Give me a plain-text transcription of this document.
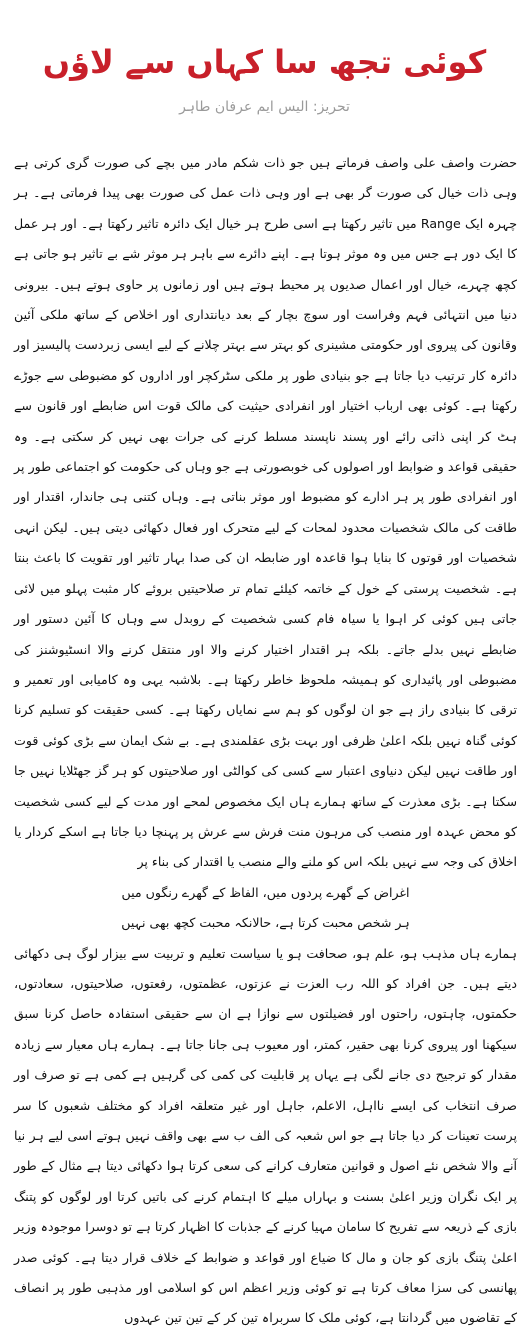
کوئی تجھ سا کہاں سے لاؤں
تحریز: الیس ایم عرفان طاہر

حضرت واصف علی واصف فرماتے ہیں جو ذات شکم مادر میں بچے کی صورت گری کرتی ہے وہی ذات خیال کی صورت گر بھی ہے اور وہی ذات عمل کی صورت بھی پیدا فرماتی ہے۔ ہر چہرہ ایک Range میں تاثیر رکھتا ہے اسی طرح ہر خیال ایک دائرہ تاثیر رکھتا ہے۔ اور ہر عمل کا ایک دور ہے جس میں وہ موثر ہوتا ہے۔ اپنے دائرے سے باہر ہر موثر شے بے تاثیر ہو جاتی ہے کچھ چہرے، خیال اور اعمال صدیوں پر محیط ہوتے ہیں اور زمانوں پر حاوی ہوتے ہیں۔ بیرونی دنیا میں انتہائی فہم وفراست اور سوچ بچار کے بعد دیانتداری اور اخلاص کے ساتھ ملکی آئین وقانون کی پیروی اور حکومتی مشینری کو بہتر سے بہتر چلانے کے لیے ایسی زبردست پالیسیز اور دائرہ کار ترتیب دیا جاتا ہے جو بنیادی طور پر ملکی سٹرکچر اور اداروں کو مضبوطی سے جوڑے رکھتا ہے۔ کوئی بھی ارباب اختیار اور انفرادی حیثیت کی مالک قوت اس ضابطے اور قانون سے ہٹ کر اپنی ذاتی رائے اور پسند ناپسند مسلط کرنے کی جرات بھی نہیں کر سکتی ہے۔ وہ حقیقی قواعد و ضوابط اور اصولوں کی خوبصورتی ہے جو وہاں کی حکومت کو اجتماعی طور پر اور انفرادی طور پر ہر ادارے کو مضبوط اور موثر بناتی ہے۔ وہاں کتنی ہی جاندار، اقتدار اور طاقت کی مالک شخصیات محدود لمحات کے لیے متحرک اور فعال دکھائی دیتی ہیں۔ لیکن انہی شخصیات اور قوتوں کا بنایا ہوا قاعدہ اور ضابطہ ان کی صدا بہار تاثیر اور تقویت کا باعث بنتا ہے۔ شخصیت پرستی کے خول کے خاتمہ کیلئے تمام تر صلاحیتیں بروئے کار مثبت پہلو میں لائی جاتی ہیں کوئی کر اہوا یا سیاہ فام کسی شخصیت کے روبدل سے وہاں کا آئین دستور اور ضابطے نہیں بدلے جاتے۔ بلکہ ہر اقتدار اختیار کرنے والا اور منتقل کرنے والا انسٹیوشنز کی مضبوطی اور پائیداری کو ہمیشہ ملحوظ خاطر رکھتا ہے۔ بلاشبہ یہی وہ کامیابی اور تعمیر و ترقی کا بنیادی راز ہے جو ان لوگوں کو ہم سے نمایاں رکھتا ہے۔ کسی حقیقت کو تسلیم کرنا کوئی گناہ نہیں بلکہ اعلیٰ ظرفی اور بہت بڑی عقلمندی ہے۔ بے شک ایمان سے بڑی کوئی قوت اور طاقت نہیں لیکن دنیاوی اعتبار سے کسی کی کوالٹی اور صلاحیتوں کو ہر گز جھٹلایا نہیں جا سکتا ہے۔ بڑی معذرت کے ساتھ ہمارے ہاں ایک مخصوص لمحے اور مدت کے لیے کسی شخصیت کو محض عہدہ اور منصب کی مرہون منت فرش سے عرش پر پہنچا دیا جاتا ہے اسکے کردار یا اخلاق کی وجہ سے نہیں بلکہ اس کو ملنے والے منصب یا اقتدار کی بناء پر

اغراض کے گھرے پردوں میں، الفاظ کے گھرے رنگوں میں
ہر شخص محبت کرتا ہے، حالانکہ محبت کچھ بھی نہیں

ہمارے ہاں مذہب ہو، علم ہو، صحافت ہو یا سیاست تعلیم و تربیت سے بیزار لوگ ہی دکھائی دیتے ہیں۔ جن افراد کو اللہ رب العزت نے عزتوں، عظمتوں، رفعتوں، صلاحیتوں، سعادتوں، حکمتوں، چاہتوں، راحتوں اور فضیلتوں سے نوازا ہے ان سے حقیقی استفادہ حاصل کرنا سبق سیکھنا اور پیروی کرنا بھی حقیر، کمتر، اور معیوب ہی جانا جاتا ہے۔ ہمارے ہاں معیار سے زیادہ مقدار کو ترجیح دی جانے لگی ہے یہاں پر قابلیت کی کمی کی گرہیں ہے کمی ہے تو صرف اور صرف انتخاب کی ایسے نااہل، الاعلم، جاہل اور غیر متعلقہ افراد کو مختلف شعبوں کا سر پرست تعینات کر دیا جاتا ہے جو اس شعبہ کی الف ب سے بھی واقف نہیں ہوتے اسی لیے ہر نیا آنے والا شخص نئے اصول و قوانین متعارف کرانے کی سعی کرتا ہوا دکھائی دیتا ہے مثال کے طور پر ایک نگران وزیر اعلیٰ بسنت و بہاراں میلے کا اہتمام کرنے کی باتیں کرتا اور لوگوں کو پتنگ بازی کے ذریعہ سے تفریح کا سامان مہیا کرنے کے جذبات کا اظہار کرتا ہے تو دوسرا موجودہ وزیر اعلیٰ پتنگ بازی کو جان و مال کا ضیاع اور قواعد و ضوابط کے خلاف قرار دیتا ہے۔ کوئی صدر پھانسی کی سزا معاف کرتا ہے تو کوئی وزیر اعظم اس کو اسلامی اور مذہبی طور پر انصاف کے تقاضوں میں گردانتا ہے، کوئی ملک کا سربراہ تین کر کے تین تین عہدوں
